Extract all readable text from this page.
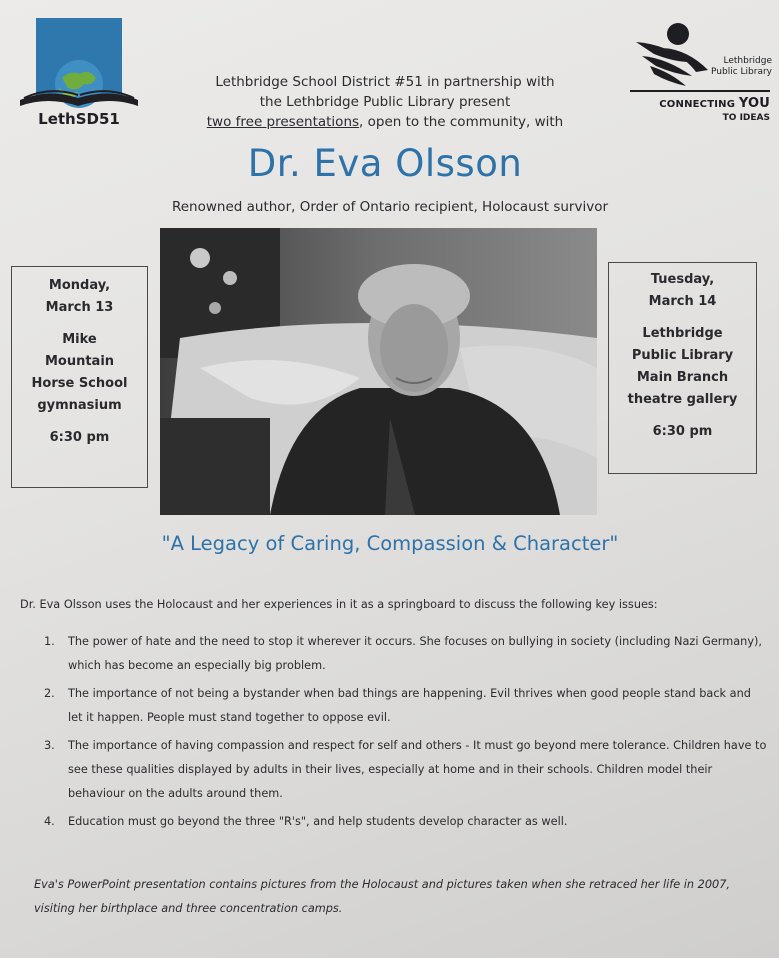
LethSD51
Lethbridge
Public Library
CONNECTING YOU
TO IDEAS
Lethbridge School District #51 in partnership with
the Lethbridge Public Library present
two free presentations, open to the community, with
Dr. Eva Olsson
Renowned author, Order of Ontario recipient, Holocaust survivor
Monday,
March 13
Mike
Mountain
Horse School
gymnasium
6:30 pm
Tuesday,
March 14
Lethbridge
Public Library
Main Branch
theatre gallery
6:30 pm
"A Legacy of Caring, Compassion & Character"
Dr. Eva Olsson uses the Holocaust and her experiences in it as a springboard to discuss the following key issues:
1. The power of hate and the need to stop it wherever it occurs. She focuses on bullying in society (including Nazi Germany), which has become an especially big problem.
2. The importance of not being a bystander when bad things are happening. Evil thrives when good people stand back and let it happen. People must stand together to oppose evil.
3. The importance of having compassion and respect for self and others - It must go beyond mere tolerance. Children have to see these qualities displayed by adults in their lives, especially at home and in their schools. Children model their behaviour on the adults around them.
4. Education must go beyond the three "R's", and help students develop character as well.
Eva's PowerPoint presentation contains pictures from the Holocaust and pictures taken when she retraced her life in 2007, visiting her birthplace and three concentration camps.
